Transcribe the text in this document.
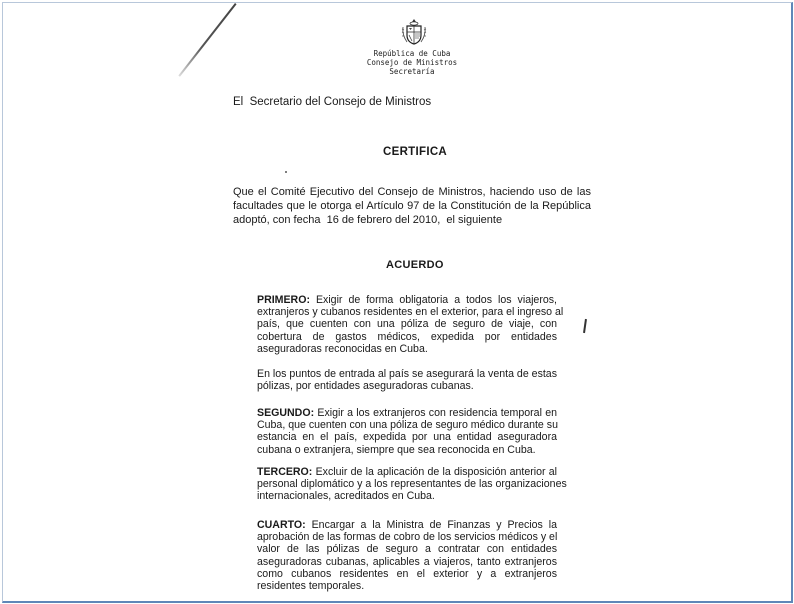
República de Cuba
Consejo de Ministros
Secretaría
El  Secretario del Consejo de Ministros
CERTIFICA
Que el Comité Ejecutivo del Consejo de Ministros, haciendo uso de las
facultades que le otorga el Artículo 97 de la Constitución de la República
adoptó, con fecha  16 de febrero del 2010,  el siguiente
ACUERDO
PRIMERO: Exigir de forma obligatoria a todos los viajeros,
extranjeros y cubanos residentes en el exterior, para el ingreso al
país, que cuenten con una póliza de seguro de viaje, con
cobertura de gastos médicos, expedida por entidades
aseguradoras reconocidas en Cuba.
En los puntos de entrada al país se asegurará la venta de estas
pólizas, por entidades aseguradoras cubanas.
SEGUNDO: Exigir a los extranjeros con residencia temporal en
Cuba, que cuenten con una póliza de seguro médico durante su
estancia en el país, expedida por una entidad aseguradora
cubana o extranjera, siempre que sea reconocida en Cuba.
TERCERO: Excluir de la aplicación de la disposición anterior al
personal diplomático y a los representantes de las organizaciones
internacionales, acreditados en Cuba.
CUARTO: Encargar a la Ministra de Finanzas y Precios la
aprobación de las formas de cobro de los servicios médicos y el
valor de las pólizas de seguro a contratar con entidades
aseguradoras cubanas, aplicables a viajeros, tanto extranjeros
como cubanos residentes en el exterior y a extranjeros
residentes temporales.
